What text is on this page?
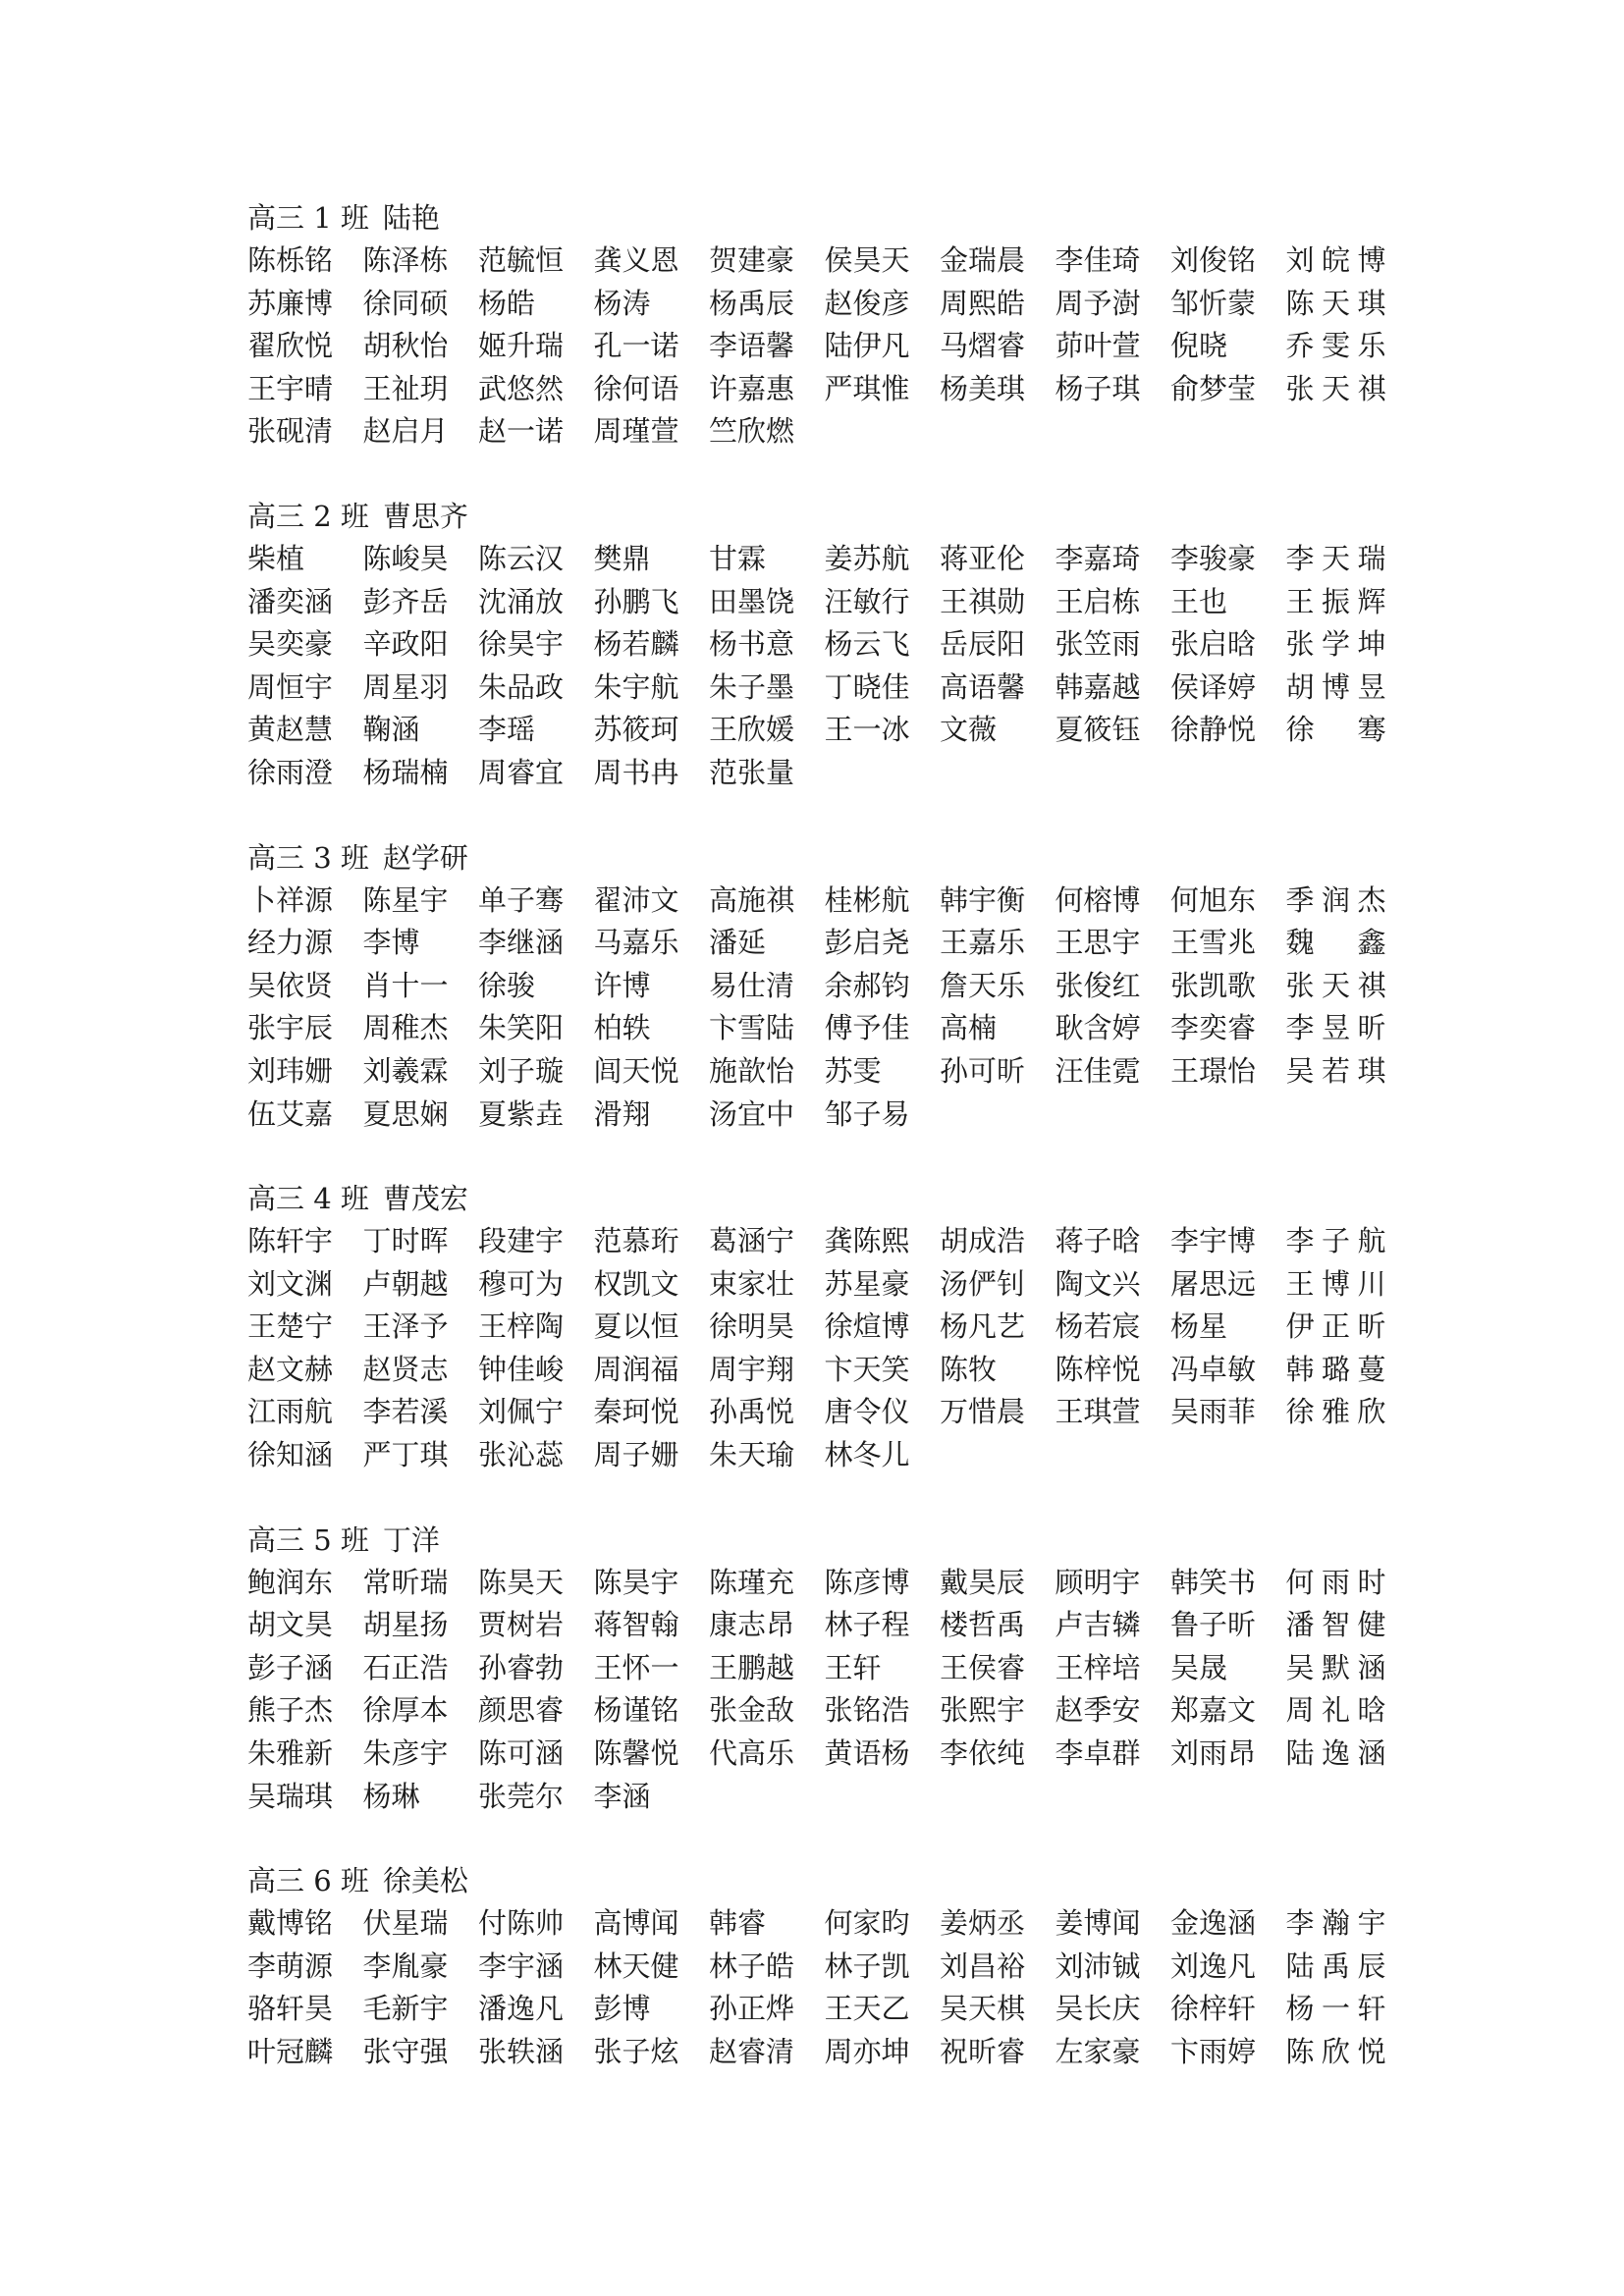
高三 1 班 陆艳
陈栎铭	陈泽栋	范毓恒	龚义恩	贺建豪	侯昊天	金瑞晨	李佳琦	刘俊铭	刘 皖 博
苏廉博	徐同硕	杨皓	杨涛	杨禹辰	赵俊彦	周熙皓	周予澍	邹忻蒙	陈 天 琪
翟欣悦	胡秋怡	姬升瑞	孔一诺	李语馨	陆伊凡	马熠睿	茆叶萱	倪晓	乔 雯 乐
王宇晴	王祉玥	武悠然	徐何语	许嘉惠	严琪惟	杨美琪	杨子琪	俞梦莹	张 天 祺
张砚清	赵启月	赵一诺	周瑾萱	竺欣燃
高三 2 班 曹思齐
柴植	陈峻昊	陈云汉	樊鼎	甘霖	姜苏航	蒋亚伦	李嘉琦	李骏豪	李 天 瑞
潘奕涵	彭齐岳	沈涌放	孙鹏飞	田墨饶	汪敏行	王祺勋	王启栋	王也	王 振 辉
吴奕豪	辛政阳	徐昊宇	杨若麟	杨书意	杨云飞	岳辰阳	张笠雨	张启晗	张 学 坤
周恒宇	周星羽	朱品政	朱宇航	朱子墨	丁晓佳	高语馨	韩嘉越	侯译婷	胡 博 昱
黄赵慧	鞠涵	李瑶	苏筱珂	王欣媛	王一冰	文薇	夏筱钰	徐静悦	徐 骞
徐雨澄	杨瑞楠	周睿宜	周书冉	范张量
高三 3 班 赵学研
卜祥源	陈星宇	单子骞	翟沛文	高施祺	桂彬航	韩宇衡	何榕博	何旭东	季 润 杰
经力源	李博	李继涵	马嘉乐	潘延	彭启尧	王嘉乐	王思宇	王雪兆	魏 鑫
吴依贤	肖十一	徐骏	许博	易仕清	余郝钧	詹天乐	张俊红	张凯歌	张 天 祺
张宇辰	周稚杰	朱笑阳	柏轶	卞雪陆	傅予佳	高楠	耿含婷	李奕睿	李 昱 昕
刘玮姗	刘羲霖	刘子璇	闾天悦	施歆怡	苏雯	孙可昕	汪佳霓	王璟怡	吴 若 琪
伍艾嘉	夏思娴	夏紫垚	滑翔	汤宜中	邹子易
高三 4 班 曹茂宏
陈轩宇	丁时晖	段建宇	范慕珩	葛涵宁	龚陈熙	胡成浩	蒋子晗	李宇博	李 子 航
刘文渊	卢朝越	穆可为	权凯文	束家壮	苏星豪	汤俨钊	陶文兴	屠思远	王 博 川
王楚宁	王泽予	王梓陶	夏以恒	徐明昊	徐煊博	杨凡艺	杨若宸	杨星	伊 正 昕
赵文赫	赵贤志	钟佳峻	周润福	周宇翔	卞天笑	陈牧	陈梓悦	冯卓敏	韩 璐 蔓
江雨航	李若溪	刘佩宁	秦珂悦	孙禹悦	唐令仪	万惜晨	王琪萱	吴雨菲	徐 雅 欣
徐知涵	严丁琪	张沁蕊	周子姗	朱天瑜	林冬儿
高三 5 班 丁洋
鲍润东	常昕瑞	陈昊天	陈昊宇	陈瑾充	陈彦博	戴昊辰	顾明宇	韩笑书	何 雨 时
胡文昊	胡星扬	贾树岩	蒋智翰	康志昂	林子程	楼哲禹	卢吉辚	鲁子昕	潘 智 健
彭子涵	石正浩	孙睿勃	王怀一	王鹏越	王轩	王侯睿	王梓培	吴晟	吴 默 涵
熊子杰	徐厚本	颜思睿	杨谨铭	张金敌	张铭浩	张熙宇	赵季安	郑嘉文	周 礼 晗
朱雅新	朱彦宇	陈可涵	陈馨悦	代高乐	黄语杨	李依纯	李卓群	刘雨昂	陆 逸 涵
吴瑞琪	杨琳	张莞尔	李涵
高三 6 班 徐美松
戴博铭	伏星瑞	付陈帅	高博闻	韩睿	何家昀	姜炳丞	姜博闻	金逸涵	李 瀚 宇
李萌源	李胤豪	李宇涵	林天健	林子皓	林子凯	刘昌裕	刘沛铖	刘逸凡	陆 禹 辰
骆轩昊	毛新宇	潘逸凡	彭博	孙正烨	王天乙	吴天棋	吴长庆	徐梓轩	杨 一 轩
叶冠麟	张守强	张轶涵	张子炫	赵睿清	周亦坤	祝昕睿	左家豪	卞雨婷	陈 欣 悦
